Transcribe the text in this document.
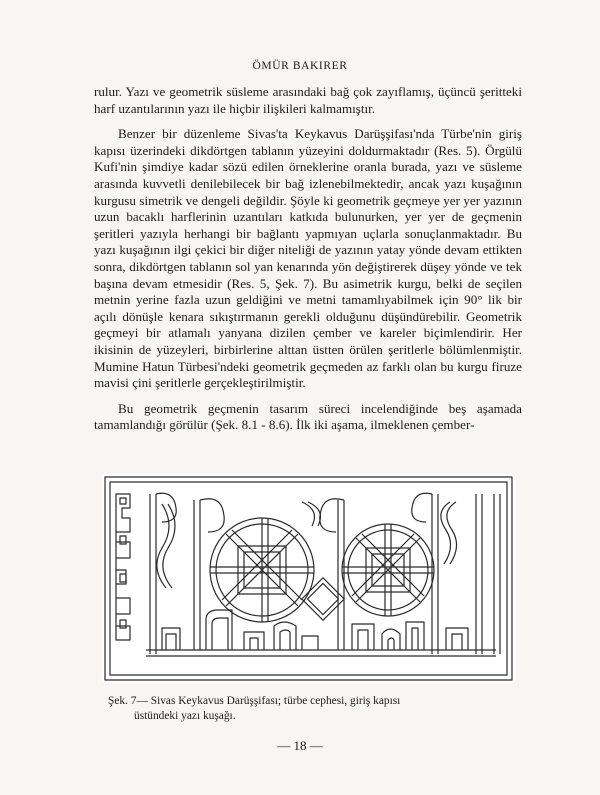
ÖMÜR BAKIRER

rulur. Yazı ve geometrik süsleme arasındaki bağ çok zayıflamış, üçüncü şeritteki harf uzantılarının yazı ile hiçbir ilişkileri kalmamıştır.

Benzer bir düzenleme Sivas'ta Keykavus Darüşşifası'nda Türbe'nin giriş kapısı üzerindeki dikdörtgen tablanın yüzeyini doldurmaktadır (Res. 5). Örgülü Kufi'nin şimdiye kadar sözü edilen örneklerine oranla burada, yazı ve süsleme arasında kuvvetli denilebilecek bir bağ izlenebilmektedir, ancak yazı kuşağının kurgusu simetrik ve dengeli değildir. Şöyle ki geometrik geçmeye yer yer yazının uzun bacaklı harflerinin uzantıları katkıda bulunurken, yer yer de geçmenin şeritleri yazıyla herhangi bir bağlantı yapmıyan uçlarla sonuçlanmaktadır. Bu yazı kuşağının ilgi çekici bir diğer niteliği de yazının yatay yönde devam ettikten sonra, dikdörtgen tablanın sol yan kenarında yön değiştirerek düşey yönde ve tek başına devam etmesidir (Res. 5, Şek. 7). Bu asimetrik kurgu, belki de seçilen metnin yerine fazla uzun geldiğini ve metni tamamlıyabilmek için 90° lik bir açılı dönüşle kenara sıkıştırmanın gerekli olduğunu düşündürebilir. Geometrik geçmeyi bir atlamalı yanyana dizilen çember ve kareler biçimlendirir. Her ikisinin de yüzeyleri, birbirlerine alttan üstten örülen şeritlerle bölümlenmiştir. Mumine Hatun Türbesi'ndeki geometrik geçmeden az farklı olan bu kurgu firuze mavisi çini şeritlerle gerçekleştirilmiştir.

Bu geometrik geçmenin tasarım süreci incelendiğinde beş aşamada tamamlandığı görülür (Şek. 8.1 - 8.6). İlk iki aşama, ilmeklenen çember-

Şek. 7— Sivas Keykavus Darüşşifası; türbe cephesi, giriş kapısı
üstündeki yazı kuşağı.
— 18 —
